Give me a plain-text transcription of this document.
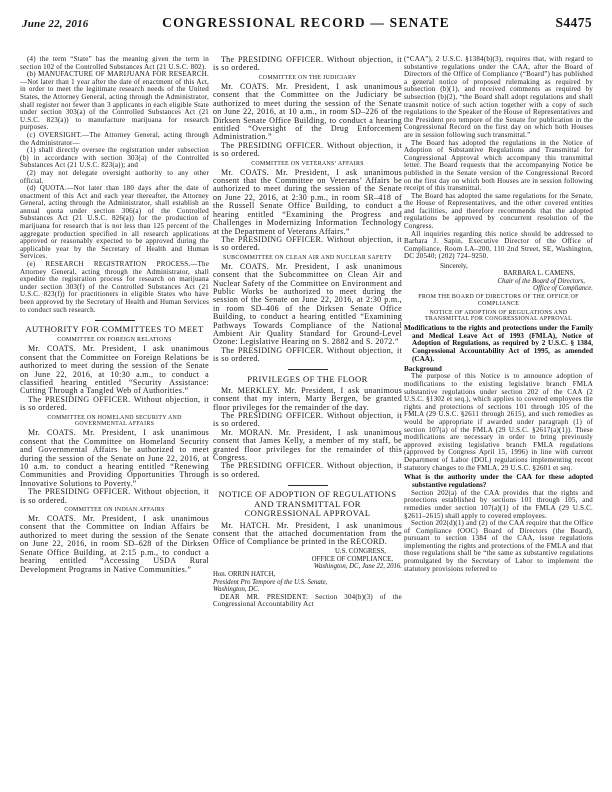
June 22, 2016	CONGRESSIONAL RECORD — SENATE	S4475

(4) the term “State” has the meaning given the term in section 102 of the Controlled Substances Act (21 U.S.C. 802).

(b) MANUFACTURE OF MARIJUANA FOR RESEARCH.—Not later than 1 year after the date of enactment of this Act, in order to meet the legitimate research needs of the United States, the Attorney General, acting through the Administrator, shall register not fewer than 3 applicants in each eligible State under section 303(a) of the Controlled Substances Act (21 U.S.C. 823(a)) to manufacture marijuana for research purposes.

(c) OVERSIGHT.—The Attorney General, acting through the Administrator—

(1) shall directly oversee the registration under subsection (b) in accordance with section 303(a) of the Controlled Substances Act (21 U.S.C. 823(a)); and

(2) may not delegate oversight authority to any other official.

(d) QUOTA.—Not later than 180 days after the date of enactment of this Act and each year thereafter, the Attorney General, acting through the Administrator, shall establish an annual quota under section 306(a) of the Controlled Substances Act (21 U.S.C. 826(a)) for the production of marijuana for research that is not less than 125 percent of the aggregate production specified in all research applications approved or reasonably expected to be approved during the applicable year by the Secretary of Health and Human Services.

(e) RESEARCH REGISTRATION PROCESS.—The Attorney General, acting through the Administrator, shall expedite the registration process for research on marijuana under section 303(f) of the Controlled Substances Act (21 U.S.C. 823(f)) for practitioners in eligible States who have been approved by the Secretary of Health and Human Services to conduct such research.

AUTHORITY FOR COMMITTEES TO MEET

COMMITTEE ON FOREIGN RELATIONS

Mr. COATS. Mr. President, I ask unanimous consent that the Committee on Foreign Relations be authorized to meet during the session of the Senate on June 22, 2016, at 10:30 a.m., to conduct a classified hearing entitled “Security Assistance: Cutting Through a Tangled Web of Authorities.”

The PRESIDING OFFICER. Without objection, it is so ordered.

COMMITTEE ON HOMELAND SECURITY AND GOVERNMENTAL AFFAIRS

Mr. COATS. Mr. President, I ask unanimous consent that the Committee on Homeland Security and Governmental Affairs be authorized to meet during the session of the Senate on June 22, 2016, at 10 a.m. to conduct a hearing entitled “Renewing Communities and Providing Opportunities Through Innovative Solutions to Poverty.”

The PRESIDING OFFICER. Without objection, it is so ordered.

COMMITTEE ON INDIAN AFFAIRS

Mr. COATS. Mr. President, I ask unanimous consent that the Committee on Indian Affairs be authorized to meet during the session of the Senate on June 22, 2016, in room SD–628 of the Dirksen Senate Office Building, at 2:15 p.m., to conduct a hearing entitled “Accessing USDA Rural Development Programs in Native Communities.”

The PRESIDING OFFICER. Without objection, it is so ordered.

COMMITTEE ON THE JUDICIARY

Mr. COATS. Mr. President, I ask unanimous consent that the Committee on the Judiciary be authorized to meet during the session of the Senate on June 22, 2016, at 10 a.m., in room SD–226 of the Dirksen Senate Office Building, to conduct a hearing entitled “Oversight of the Drug Enforcement Administration.”

The PRESIDING OFFICER. Without objection, it is so ordered.

COMMITTEE ON VETERANS’ AFFAIRS

Mr. COATS. Mr. President, I ask unanimous consent that the Committee on Veterans’ Affairs be authorized to meet during the session of the Senate on June 22, 2016, at 2:30 p.m., in room SR–418 of the Russell Senate Office Building, to conduct a hearing entitled “Examining the Progress and Challenges in Modernizing Information Technology at the Department of Veterans Affairs.”

The PRESIDING OFFICER. Without objection, it is so ordered.

SUBCOMMITTEE ON CLEAN AIR AND NUCLEAR SAFETY

Mr. COATS. Mr. President, I ask unanimous consent that the Subcommittee on Clean Air and Nuclear Safety of the Committee on Environment and Public Works be authorized to meet during the session of the Senate on June 22, 2016, at 2:30 p.m., in room SD–406 of the Dirksen Senate Office Building, to conduct a hearing entitled “Examining Pathways Towards Compliance of the National Ambient Air Quality Standard for Ground-Level Ozone: Legislative Hearing on S. 2882 and S. 2072.”

The PRESIDING OFFICER. Without objection, it is so ordered.

PRIVILEGES OF THE FLOOR

Mr. MERKLEY. Mr. President, I ask unanimous consent that my intern, Marty Bergen, be granted floor privileges for the remainder of the day.

The PRESIDING OFFICER. Without objection, it is so ordered.

Mr. MORAN. Mr. President, I ask unanimous consent that James Kelly, a member of my staff, be granted floor privileges for the remainder of this Congress.

The PRESIDING OFFICER. Without objection, it is so ordered.

NOTICE OF ADOPTION OF REGULATIONS AND TRANSMITTAL FOR CONGRESSIONAL APPROVAL

Mr. HATCH. Mr. President, I ask unanimous consent that the attached documentation from the Office of Compliance be printed in the RECORD.

U.S. CONGRESS,

OFFICE OF COMPLIANCE,

Washington, DC, June 22, 2016.

Hon. ORRIN HATCH,

President Pro Tempore of the U.S. Senate,

Washington, DC.

DEAR MR. PRESIDENT: Section 304(b)(3) of the Congressional Accountability Act

(“CAA”), 2 U.S.C. §1384(b)(3), requires that, with regard to substantive regulations under the CAA, after the Board of Directors of the Office of Compliance (“Board”) has published a general notice of proposed rulemaking as required by subsection (b)(1), and received comments as required by subsection (b)(2), “the Board shall adopt regulations and shall transmit notice of such action together with a copy of such regulations to the Speaker of the House of Representatives and the President pro tempore of the Senate for publication in the Congressional Record on the first day on which both Houses are in session following such transmittal.”

The Board has adopted the regulations in the Notice of Adoption of Substantive Regulations and Transmittal for Congressional Approval which accompany this transmittal letter. The Board requests that the accompanying Notice be published in the Senate version of the Congressional Record on the first day on which both Houses are in session following receipt of this transmittal.

The Board has adopted the same regulations for the Senate, the House of Representatives, and the other covered entities and facilities, and therefore recommends that the adopted regulations be approved by concurrent resolution of the Congress.

All inquiries regarding this notice should be addressed to Barbara J. Sapin, Executive Director of the Office of Compliance, Room LA–200, 110 2nd Street, SE, Washington, DC 20540; (202) 724–9250.

Sincerely,

BARBARA L. CAMENS,

Chair of the Board of Directors,

Office of Compliance.

FROM THE BOARD OF DIRECTORS OF THE OFFICE OF COMPLIANCE

NOTICE OF ADOPTION OF REGULATIONS AND TRANSMITTAL FOR CONGRESSIONAL APPROVAL

Modifications to the rights and protections under the Family and Medical Leave Act of 1993 (FMLA), Notice of Adoption of Regulations, as required by 2 U.S.C. § 1384, Congressional Accountability Act of 1995, as amended (CAA).

Background

The purpose of this Notice is to announce adoption of modifications to the existing legislative branch FMLA substantive regulations under section 202 of the CAA (2 U.S.C. §1302 et seq.), which applies to covered employees the rights and protections of sections 101 through 105 of the FMLA (29 U.S.C. §2611 through 2615), and such remedies as would be appropriate if awarded under paragraph (1) of section 107(a) of the FMLA (29 U.S.C. §2617(a)(1)). These modifications are necessary in order to bring previously approved existing legislative branch FMLA regulations (approved by Congress April 15, 1996) in line with current Department of Labor (DOL) regulations implementing recent statutory changes to the FMLA, 29 U.S.C. §2601 et seq.

What is the authority under the CAA for these adopted substantive regulations?

Section 202(a) of the CAA provides that the rights and protections established by sections 101 through 105, and remedies under section 107(a)(1) of the FMLA (29 U.S.C. §2611–2615) shall apply to covered employees.

Section 202(d)(1) and (2) of the CAA require that the Office of Compliance (OOC) Board of Directors (the Board), pursuant to section 1384 of the CAA, issue regulations implementing the rights and protections of the FMLA and that those regulations shall be “the same as substantive regulations promulgated by the Secretary of Labor to implement the statutory provisions referred to
